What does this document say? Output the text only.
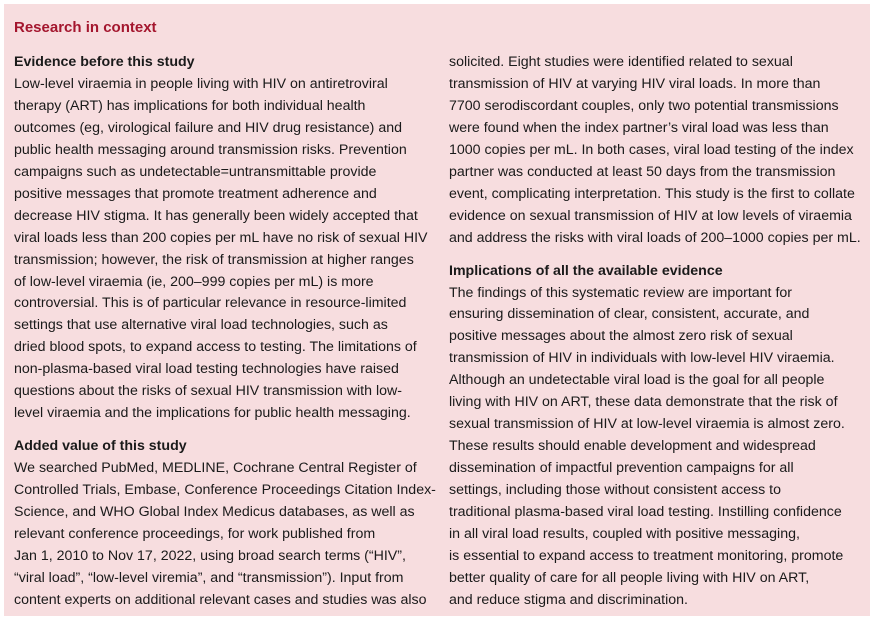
Research in context
Evidence before this study
Low-level viraemia in people living with HIV on antiretroviral
therapy (ART) has implications for both individual health
outcomes (eg, virological failure and HIV drug resistance) and
public health messaging around transmission risks. Prevention
campaigns such as undetectable=untransmittable provide
positive messages that promote treatment adherence and
decrease HIV stigma. It has generally been widely accepted that
viral loads less than 200 copies per mL have no risk of sexual HIV
transmission; however, the risk of transmission at higher ranges
of low-level viraemia (ie, 200–999 copies per mL) is more
controversial. This is of particular relevance in resource-limited
settings that use alternative viral load technologies, such as
dried blood spots, to expand access to testing. The limitations of
non-plasma-based viral load testing technologies have raised
questions about the risks of sexual HIV transmission with low-
level viraemia and the implications for public health messaging.
Added value of this study
We searched PubMed, MEDLINE, Cochrane Central Register of
Controlled Trials, Embase, Conference Proceedings Citation Index-
Science, and WHO Global Index Medicus databases, as well as
relevant conference proceedings, for work published from
Jan 1, 2010 to Nov 17, 2022, using broad search terms (“HIV”,
“viral load”, “low-level viremia”, and “transmission”). Input from
content experts on additional relevant cases and studies was also
solicited. Eight studies were identified related to sexual
transmission of HIV at varying HIV viral loads. In more than
7700 serodiscordant couples, only two potential transmissions
were found when the index partner’s viral load was less than
1000 copies per mL. In both cases, viral load testing of the index
partner was conducted at least 50 days from the transmission
event, complicating interpretation. This study is the first to collate
evidence on sexual transmission of HIV at low levels of viraemia
and address the risks with viral loads of 200–1000 copies per mL.
Implications of all the available evidence
The findings of this systematic review are important for
ensuring dissemination of clear, consistent, accurate, and
positive messages about the almost zero risk of sexual
transmission of HIV in individuals with low-level HIV viraemia.
Although an undetectable viral load is the goal for all people
living with HIV on ART, these data demonstrate that the risk of
sexual transmission of HIV at low-level viraemia is almost zero.
These results should enable development and widespread
dissemination of impactful prevention campaigns for all
settings, including those without consistent access to
traditional plasma-based viral load testing. Instilling confidence
in all viral load results, coupled with positive messaging,
is essential to expand access to treatment monitoring, promote
better quality of care for all people living with HIV on ART,
and reduce stigma and discrimination.
